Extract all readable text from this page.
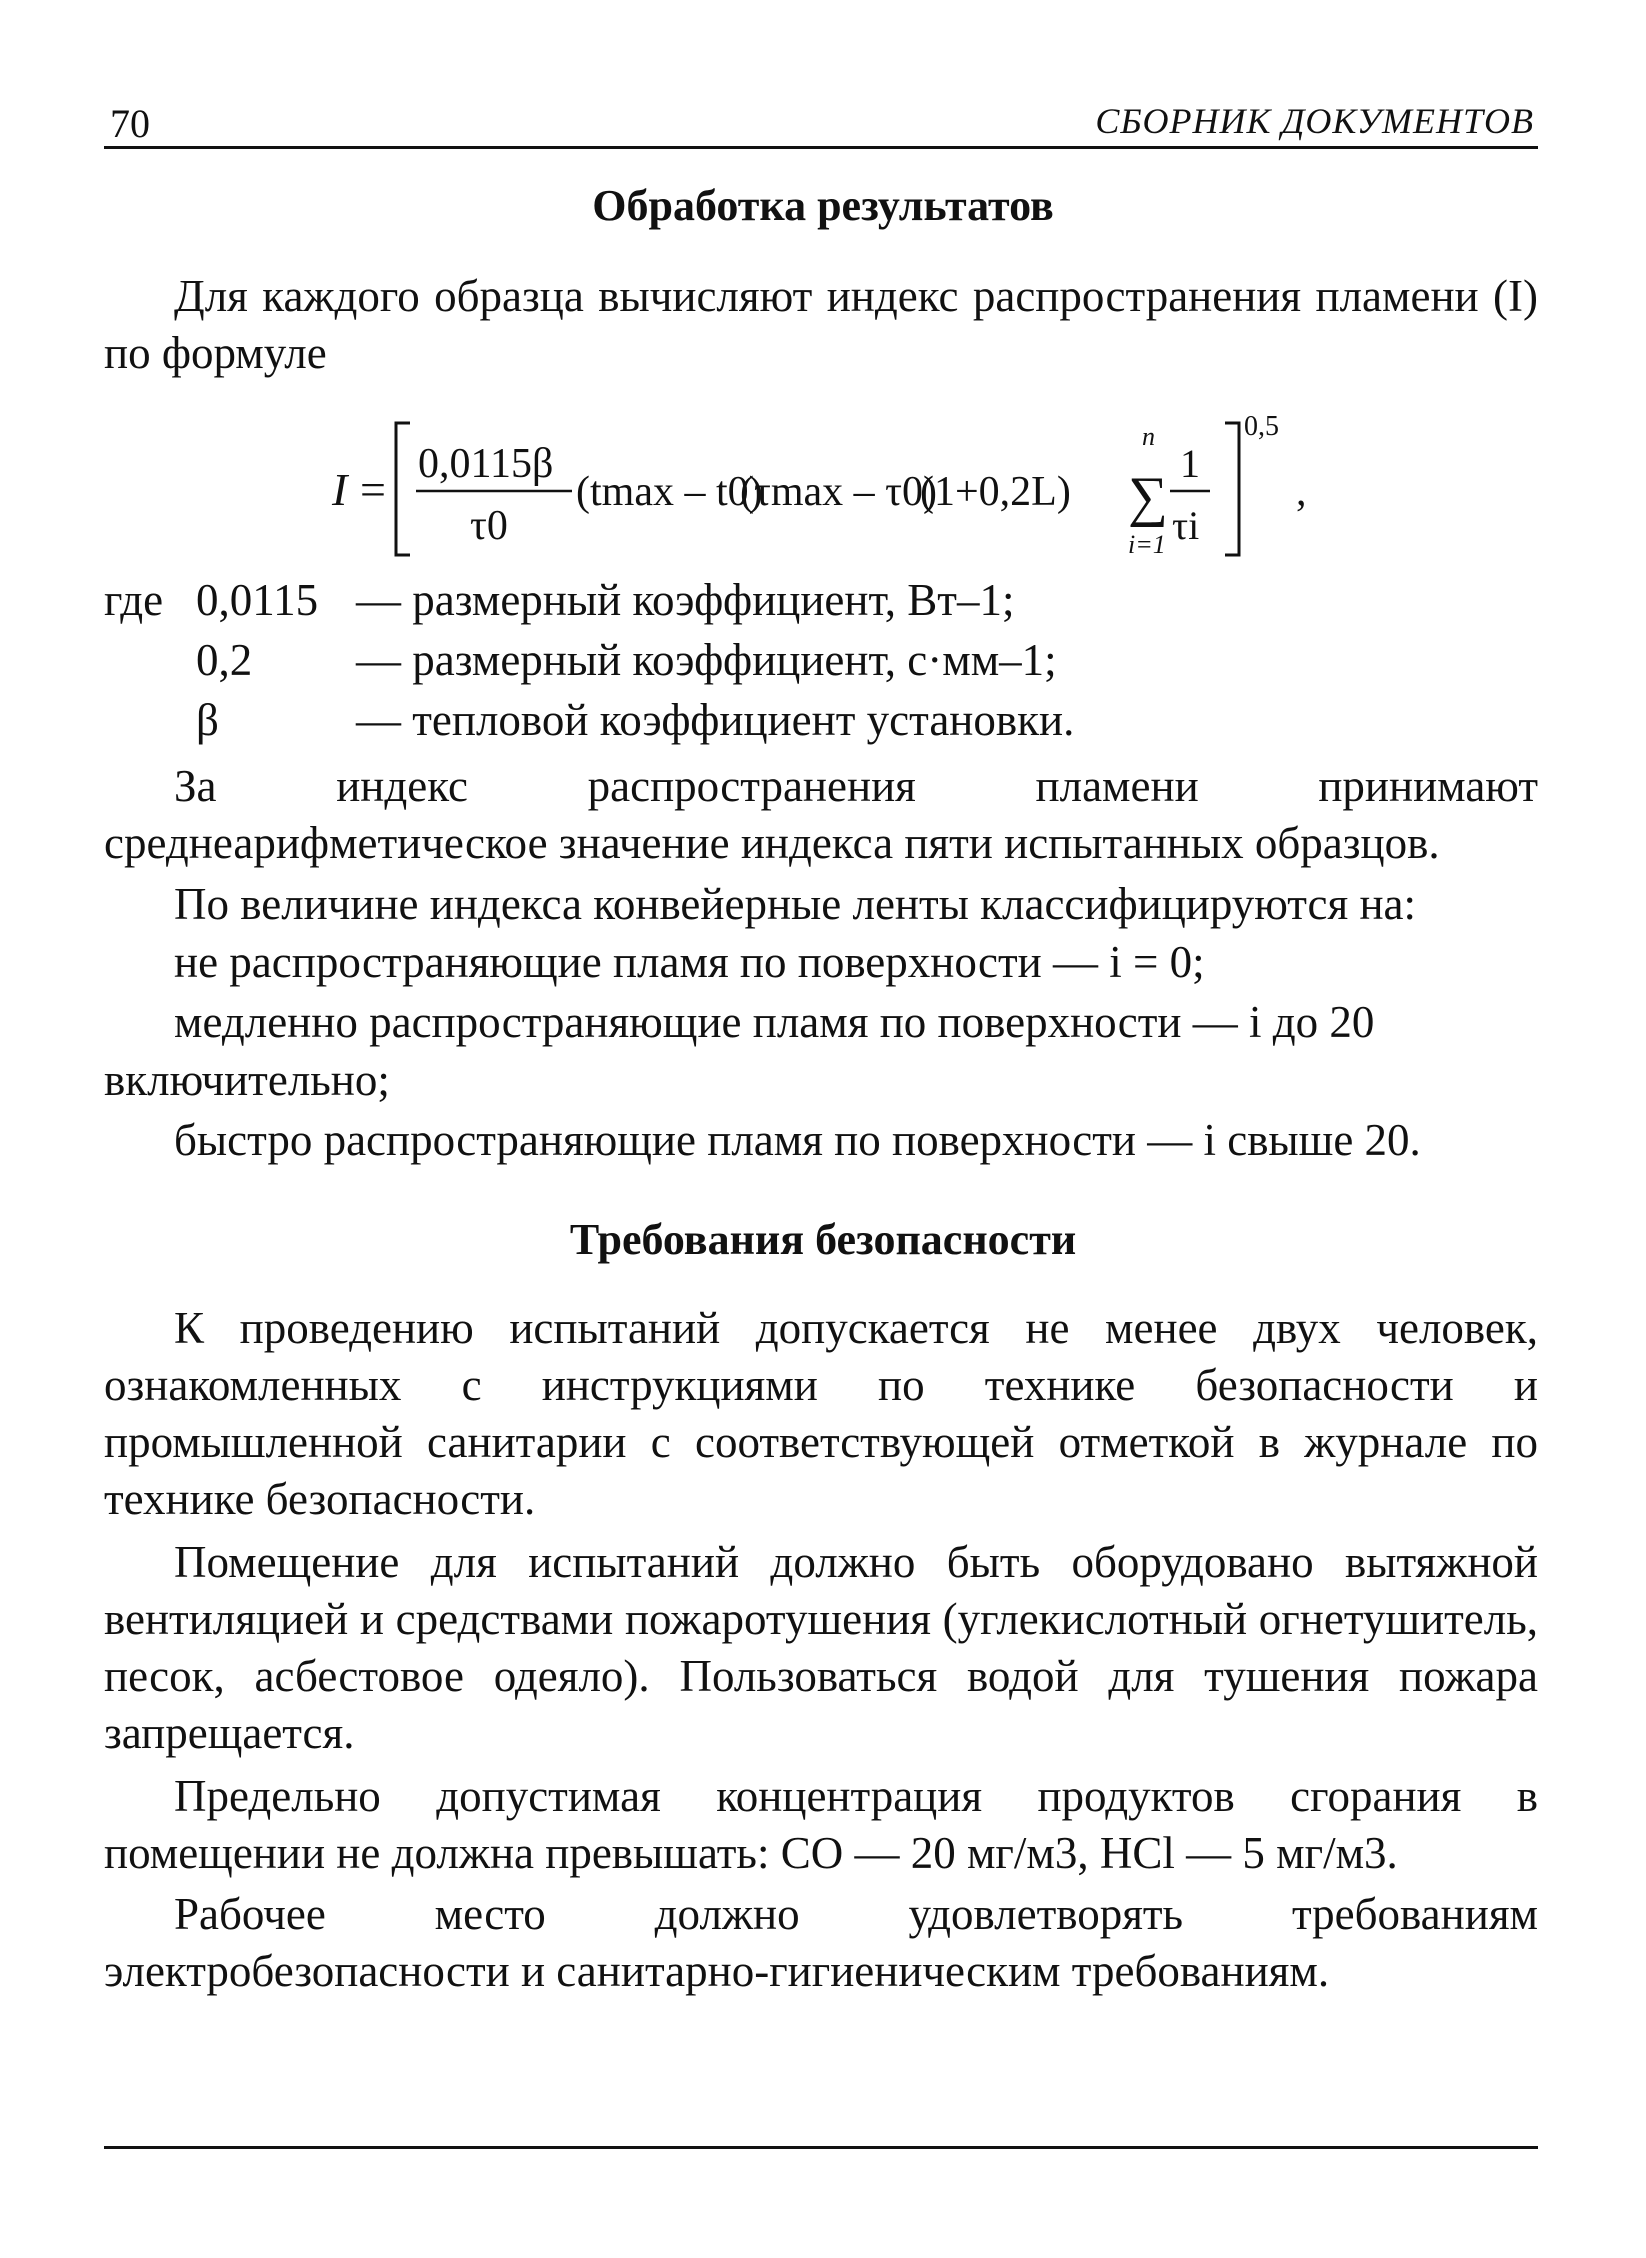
70	СБОРНИК ДОКУМЕНТОВ
Обработка результатов
Для каждого образца вычисляют индекс распространения пламени (I) по формуле
I = 0,0115β
τ0
(tmax – t0)
(τmax – τ0)
(1+0,2L)
n
∑
i=1
1
τi
0,5
,
где 0,0115 — размерный коэффициент, Вт–1;
0,2 — размерный коэффициент, с·мм–1;
β	— тепловой коэффициент установки.
За индекс распространения пламени принимают среднеарифметическое значение индекса пяти испытанных образцов.
По величине индекса конвейерные ленты классифицируются на:
не распространяющие пламя по поверхности — i = 0;
медленно распространяющие пламя по поверхности — i до 20
включительно;
быстро распространяющие пламя по поверхности — i свыше 20.
Требования безопасности
К проведению испытаний допускается не менее двух человек, ознакомленных с инструкциями по технике безопасности и промышленной санитарии с соответствующей отметкой в журнале по технике безопасности.
Помещение для испытаний должно быть оборудовано вытяжной вентиляцией и средствами пожаротушения (углекислотный огнетушитель, песок, асбестовое одеяло). Пользоваться водой для тушения пожара запрещается.
Предельно допустимая концентрация продуктов сгорания в помещении не должна превышать: СО — 20 мг/м3, HCl — 5 мг/м3.
Рабочее место должно удовлетворять требованиям электробезопасности и санитарно-гигиеническим требованиям.
